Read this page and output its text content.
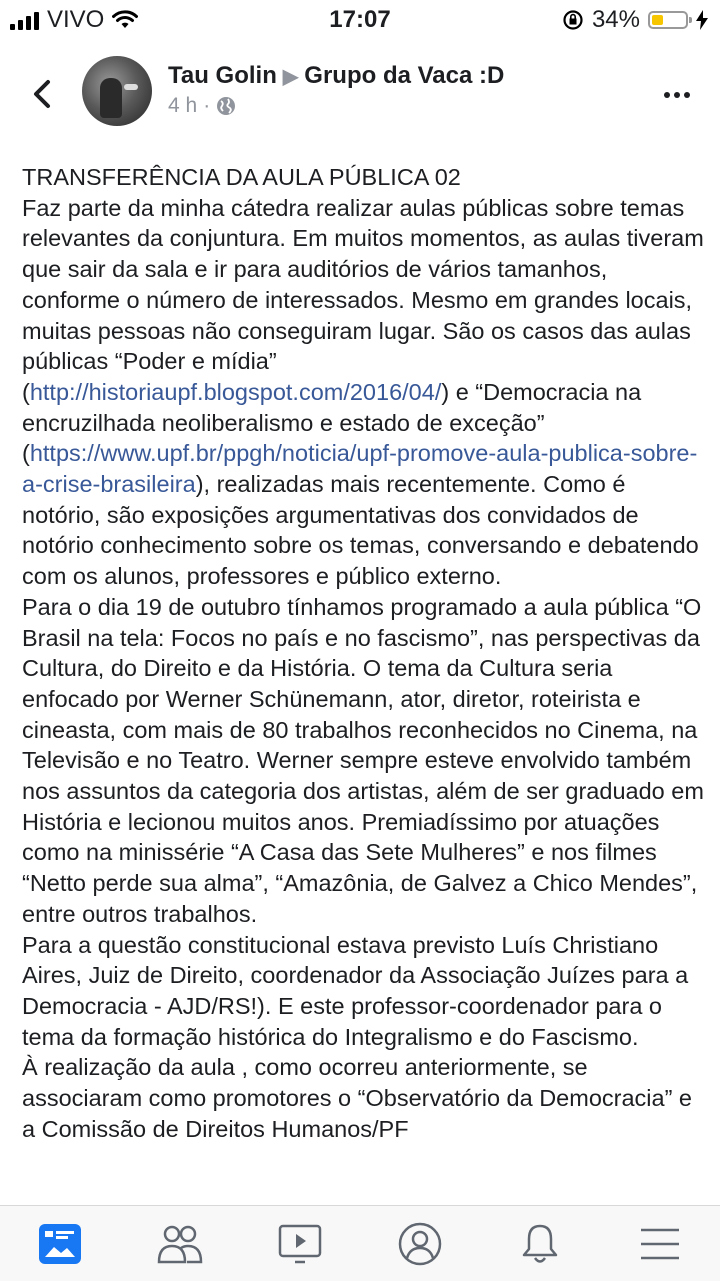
VIVO	17:07	34%
Tau Golin ▶ Grupo da Vaca :D
4 h ·

TRANSFERÊNCIA DA AULA PÚBLICA 02
Faz parte da minha cátedra realizar aulas públicas sobre temas relevantes da conjuntura. Em muitos momentos, as aulas tiveram que sair da sala e ir para auditórios de vários tamanhos, conforme o número de interessados. Mesmo em grandes locais, muitas pessoas não conseguiram lugar. São os casos das aulas públicas “Poder e mídia” (http://historiaupf.blogspot.com/2016/04/) e “Democracia na encruzilhada neoliberalismo e estado de exceção” (https://www.upf.br/ppgh/noticia/upf-promove-aula-publica-sobre-a-crise-brasileira), realizadas mais recentemente. Como é notório, são exposições argumentativas dos convidados de notório conhecimento sobre os temas, conversando e debatendo com os alunos, professores e público externo.

Para o dia 19 de outubro tínhamos programado a aula pública “O Brasil na tela: Focos no país e no fascismo”, nas perspectivas da Cultura, do Direito e da História. O tema da Cultura seria enfocado por Werner Schünemann, ator, diretor, roteirista e cineasta, com mais de 80 trabalhos reconhecidos no Cinema, na Televisão e no Teatro. Werner sempre esteve envolvido também nos assuntos da categoria dos artistas, além de ser graduado em História e lecionou muitos anos. Premiadíssimo por atuações como na minissérie “A Casa das Sete Mulheres” e nos filmes “Netto perde sua alma”, “Amazônia, de Galvez a Chico Mendes”, entre outros trabalhos.

Para a questão constitucional estava previsto Luís Christiano Aires, Juiz de Direito, coordenador da Associação Juízes para a Democracia - AJD/RS!). E este professor-coordenador para o tema da formação histórica do Integralismo e do Fascismo.

À realização da aula , como ocorreu anteriormente, se associaram como promotores o “Observatório da Democracia” e a Comissão de Direitos Humanos/PF
